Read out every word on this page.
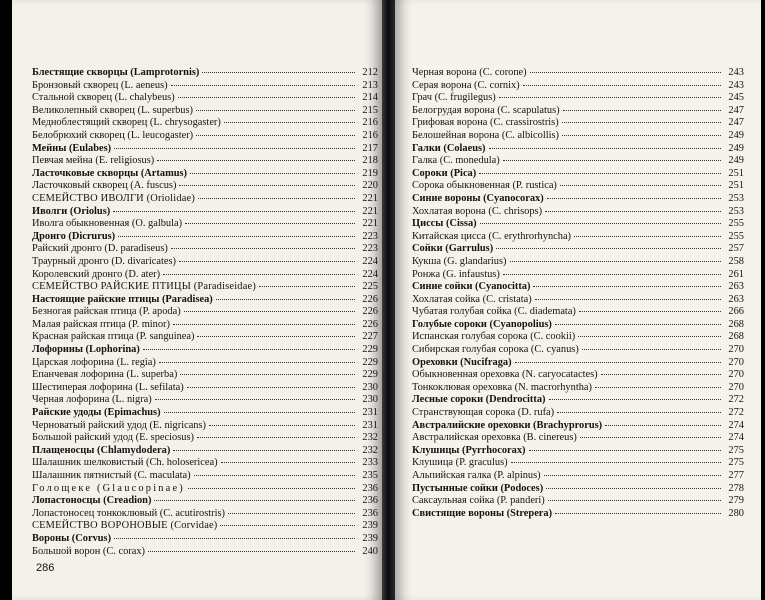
Блестящие скворцы (Lamprotornis)	212
Бронзовый скворец (L. aeneus)	213
Стальной скворец (L. chalybeus)	214
Великолепный скворец (L. superbus)	215
Медноблестящий скворец (L. chrysogaster)	216
Белобрюхий скворец (L. leucogaster)	216
Мейны (Eulabes)	217
Певчая мейна (E. religiosus)	218
Ласточковые скворцы (Artamus)	219
Ласточковый скворец (A. fuscus)	220
СЕМЕЙСТВО ИВОЛГИ (Oriolidae)	221
Иволги (Oriolus)	221
Иволга обыкновенная (O. galbula)	221
Дронго (Dicrurus)	223
Райский дронго (D. paradiseus)	223
Траурный дронго (D. divaricates)	224
Королевский дронго (D. ater)	224
СЕМЕЙСТВО РАЙСКИЕ ПТИЦЫ (Paradiseidae)	225
Настоящие райские птицы (Paradisea)	226
Безногая райская птица (P. apoda)	226
Малая райская птица (P. minor)	226
Красная райская птица (P. sanguinea)	227
Лофорины (Lophorina)	229
Царская лофорина (L. regia)	229
Епанчевая лофорина (L. superba)	229
Шестиперая лофорина (L. sefilata)	230
Черная лофорина (L. nigra)	230
Райские удоды (Epimachus)	231
Черноватый райский удод (E. nigricans)	231
Большой райский удод (E. speciosus)	232
Плащеносцы (Chlamydodera)	232
Шалашник шелковистый (Ch. holosericea)	233
Шалашник пятнистый (C. maculata)	235
Голощеке (Glaucopinae)	236
Лопастоносцы (Creadion)	236
Лопастоносец тонкоклювый (C. acutirostris)	236
СЕМЕЙСТВО ВОРОНОВЫЕ (Corvidae)	239
Вороны (Corvus)	239
Большой ворон (C. corax)	240
286
Черная ворона (C. corone)	243
Серая ворона (C. cornix)	243
Грач (C. frugilegus)	245
Белогрудая ворона (C. scapulatus)	247
Грифовая ворона (C. crassirostris)	247
Белошейная ворона (C. albicollis)	249
Галки (Colaeus)	249
Галка (C. monedula)	249
Сороки (Pica)	251
Сорока обыкновенная (P. rustica)	251
Синие вороны (Cyanocorax)	253
Хохлатая ворона (C. chrisops)	253
Циссы (Cissa)	255
Китайская цисса (C. erythrorhyncha)	255
Сойки (Garrulus)	257
Кукша (G. glandarius)	258
Ронжа (G. infaustus)	261
Синие сойки (Cyanocitta)	263
Хохлатая сойка (C. cristata)	263
Чубатая голубая сойка (C. diademata)	266
Голубые сороки (Cyanopolius)	268
Испанская голубая сорока (C. cookii)	268
Сибирская голубая сорока (C. cyanus)	270
Ореховки (Nucifraga)	270
Обыкновенная ореховка (N. caryocatactes)	270
Тонкоклювая ореховка (N. macrorhyntha)	270
Лесные сороки (Dendrocitta)	272
Странствующая сорока (D. rufa)	272
Австралийские ореховки (Brachyprorus)	274
Австралийская ореховка (B. cinereus)	274
Клушицы (Pyrrhocorax)	275
Клушица (P. graculus)	275
Альпийская галка (P. alpinus)	277
Пустынные сойки (Podoces)	278
Саксаульная сойка (P. panderi)	279
Свистящие вороны (Strepera)	280
